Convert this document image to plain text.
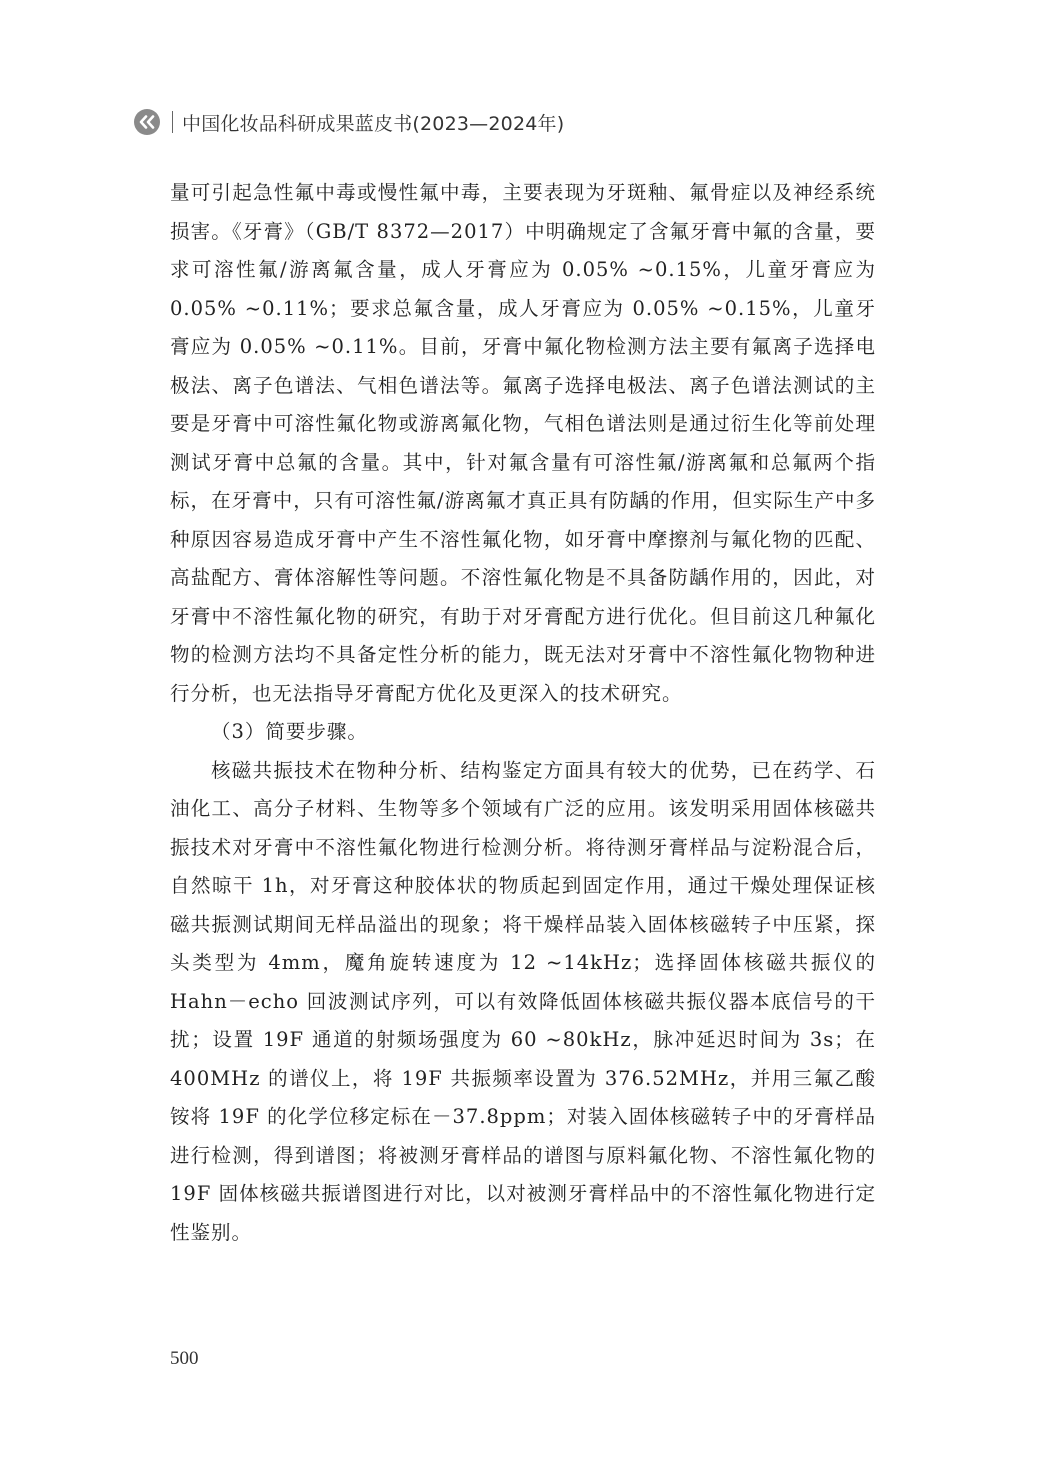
中国化妆品科研成果蓝皮书(2023—2024年)

量可引起急性氟中毒或慢性氟中毒，主要表现为牙斑釉、氟骨症以及神经系统损害。《牙膏》（GB/T 8372—2017）中明确规定了含氟牙膏中氟的含量，要求可溶性氟/游离氟含量，成人牙膏应为 0.05% ~0.15%，儿童牙膏应为 0.05% ~0.11%；要求总氟含量，成人牙膏应为 0.05% ~0.15%，儿童牙膏应为 0.05% ~0.11%。目前，牙膏中氟化物检测方法主要有氟离子选择电极法、离子色谱法、气相色谱法等。氟离子选择电极法、离子色谱法测试的主要是牙膏中可溶性氟化物或游离氟化物，气相色谱法则是通过衍生化等前处理测试牙膏中总氟的含量。其中，针对氟含量有可溶性氟/游离氟和总氟两个指标，在牙膏中，只有可溶性氟/游离氟才真正具有防龋的作用，但实际生产中多种原因容易造成牙膏中产生不溶性氟化物，如牙膏中摩擦剂与氟化物的匹配、高盐配方、膏体溶解性等问题。不溶性氟化物是不具备防龋作用的，因此，对牙膏中不溶性氟化物的研究，有助于对牙膏配方进行优化。但目前这几种氟化物的检测方法均不具备定性分析的能力，既无法对牙膏中不溶性氟化物物种进行分析，也无法指导牙膏配方优化及更深入的技术研究。

（3）简要步骤。

核磁共振技术在物种分析、结构鉴定方面具有较大的优势，已在药学、石油化工、高分子材料、生物等多个领域有广泛的应用。该发明采用固体核磁共振技术对牙膏中不溶性氟化物进行检测分析。将待测牙膏样品与淀粉混合后，自然晾干 1h，对牙膏这种胶体状的物质起到固定作用，通过干燥处理保证核磁共振测试期间无样品溢出的现象；将干燥样品装入固体核磁转子中压紧，探头类型为 4mm，魔角旋转速度为 12 ~14kHz；选择固体核磁共振仪的 Hahn－echo 回波测试序列，可以有效降低固体核磁共振仪器本底信号的干扰；设置 19F 通道的射频场强度为 60 ~80kHz，脉冲延迟时间为 3s；在 400MHz 的谱仪上，将 19F 共振频率设置为 376.52MHz，并用三氟乙酸铵将 19F 的化学位移定标在－37.8ppm；对装入固体核磁转子中的牙膏样品进行检测，得到谱图；将被测牙膏样品的谱图与原料氟化物、不溶性氟化物的 19F 固体核磁共振谱图进行对比，以对被测牙膏样品中的不溶性氟化物进行定性鉴别。

500
